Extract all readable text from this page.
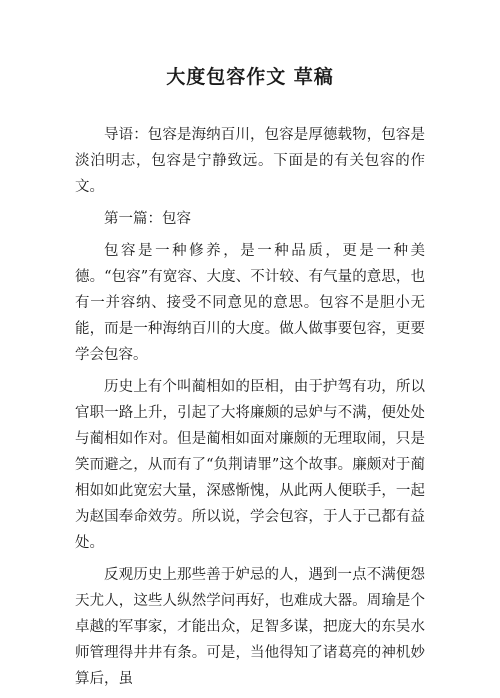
大度包容作文 草稿

导语：包容是海纳百川，包容是厚德载物，包容是淡泊明志，包容是宁静致远。下面是的有关包容的作文。

第一篇：包容

包容是一种修养，是一种品质，更是一种美德。“包容”有宽容、大度、不计较、有气量的意思，也有一并容纳、接受不同意见的意思。包容不是胆小无能，而是一种海纳百川的大度。做人做事要包容，更要学会包容。

历史上有个叫蔺相如的臣相，由于护驾有功，所以官职一路上升，引起了大将廉颇的忌妒与不满，便处处与蔺相如作对。但是蔺相如面对廉颇的无理取闹，只是笑而避之，从而有了“负荆请罪”这个故事。廉颇对于蔺相如如此宽宏大量，深感惭愧，从此两人便联手，一起为赵国奉命效劳。所以说，学会包容，于人于己都有益处。

反观历史上那些善于妒忌的人，遇到一点不满便怨天尤人，这些人纵然学问再好，也难成大器。周瑜是个卓越的军事家，才能出众，足智多谋，把庞大的东吴水师管理得井井有条。可是，当他得知了诸葛亮的神机妙算后，虽
